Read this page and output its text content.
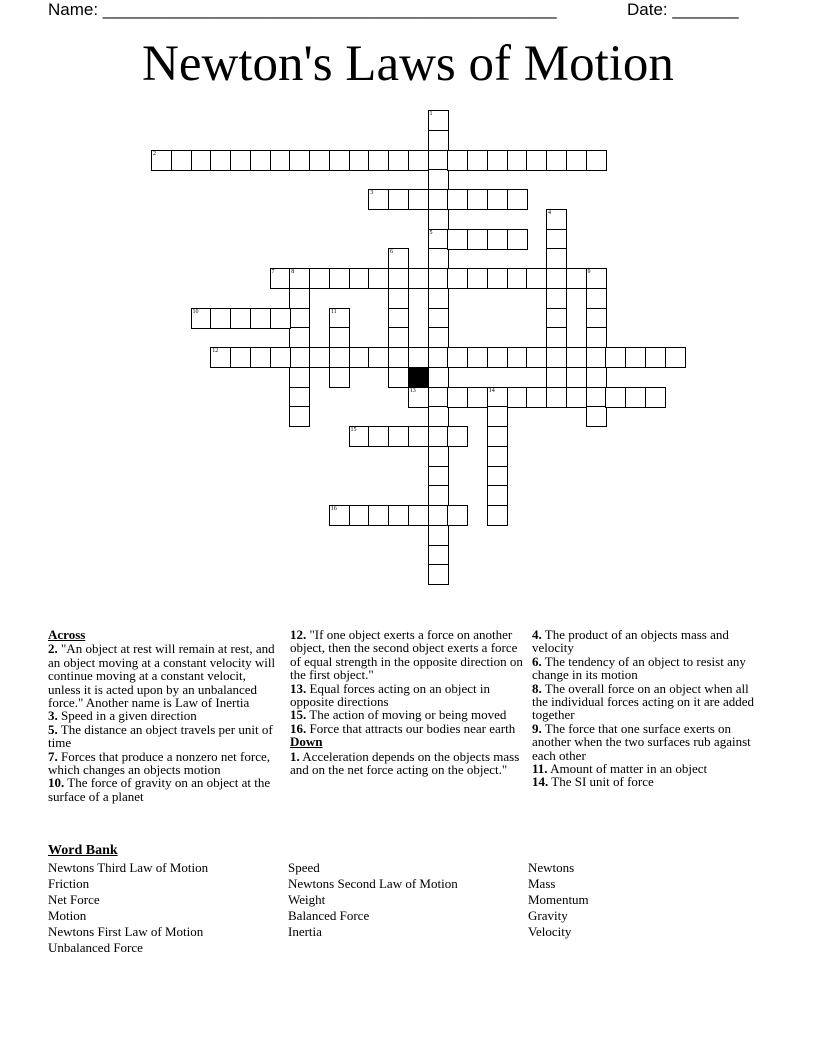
Name: ________________________________________________	Date: _______
Newton's Laws of Motion
1
5
2
3
4
6
7	8	9
10	11
12
13	14
15
16
Across
2. "An object at rest will remain at rest, and an object moving at a constant velocity will continue moving at a constant velocit, unless it is acted upon by an unbalanced force." Another name is Law of Inertia
3. Speed in a given direction
5. The distance an object travels per unit of time
7. Forces that produce a nonzero net force, which changes an objects motion
10. The force of gravity on an object at the surface of a planet
12. "If one object exerts a force on another object, then the second object exerts a force of equal strength in the opposite direction on the first object."
13. Equal forces acting on an object in opposite directions
15. The action of moving or being moved
16. Force that attracts our bodies near earth
Down
1. Acceleration depends on the objects mass and on the net force acting on the object."
4. The product of an objects mass and velocity
6. The tendency of an object to resist any change in its motion
8. The overall force on an object when all the individual forces acting on it are added together
9. The force that one surface exerts on another when the two surfaces rub against each other
11. Amount of matter in an object
14. The SI unit of force
Word Bank
Newtons Third Law of Motion
Friction
Net Force
Motion
Newtons First Law of Motion
Unbalanced Force
Speed
Newtons Second Law of Motion
Weight
Balanced Force
Inertia
Newtons
Mass
Momentum
Gravity
Velocity
